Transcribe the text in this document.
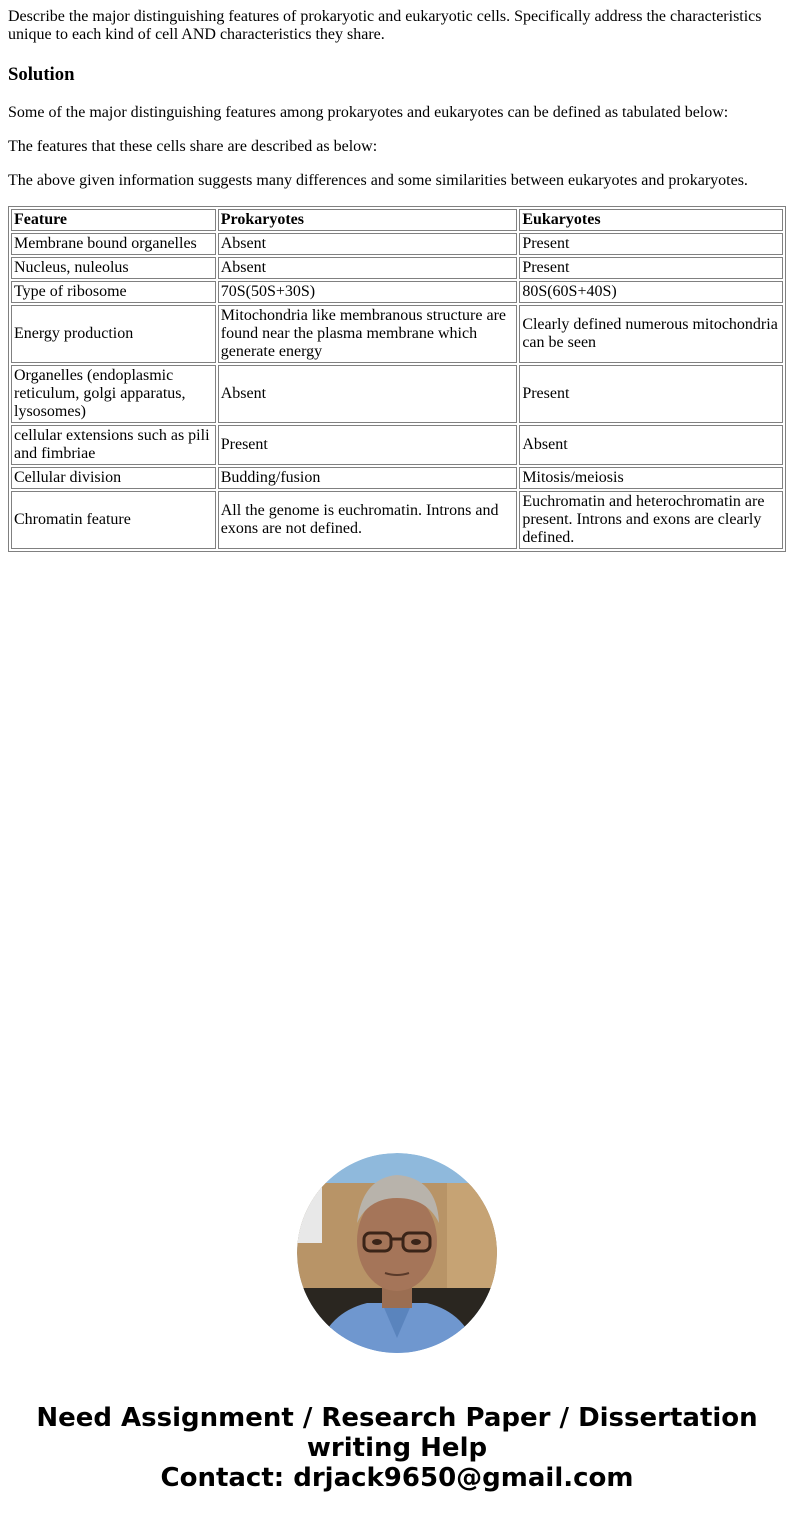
Describe the major distinguishing features of prokaryotic and eukaryotic cells. Specifically address the characteristics unique to each kind of cell AND characteristics they share.

Solution

Some of the major distinguishing features among prokaryotes and eukaryotes can be defined as tabulated below:

The features that these cells share are described as below:

The above given information suggests many differences and some similarities between eukaryotes and prokaryotes.

Feature	Prokaryotes	Eukaryotes
Membrane bound organelles	Absent	Present
Nucleus, nuleolus	Absent	Present
Type of ribosome	70S(50S+30S)	80S(60S+40S)
Energy production	Mitochondria like membranous structure are found near the plasma membrane which generate energy	Clearly defined numerous mitochondria can be seen
Organelles (endoplasmic reticulum, golgi apparatus, lysosomes)	Absent	Present
cellular extensions such as pili and fimbriae	Present	Absent
Cellular division	Budding/fusion	Mitosis/meiosis
Chromatin feature	All the genome is euchromatin. Introns and exons are not defined.	Euchromatin and heterochromatin are present. Introns and exons are clearly defined.
Need Assignment / Research Paper / Dissertation
writing Help
Contact: drjack9650@gmail.com
